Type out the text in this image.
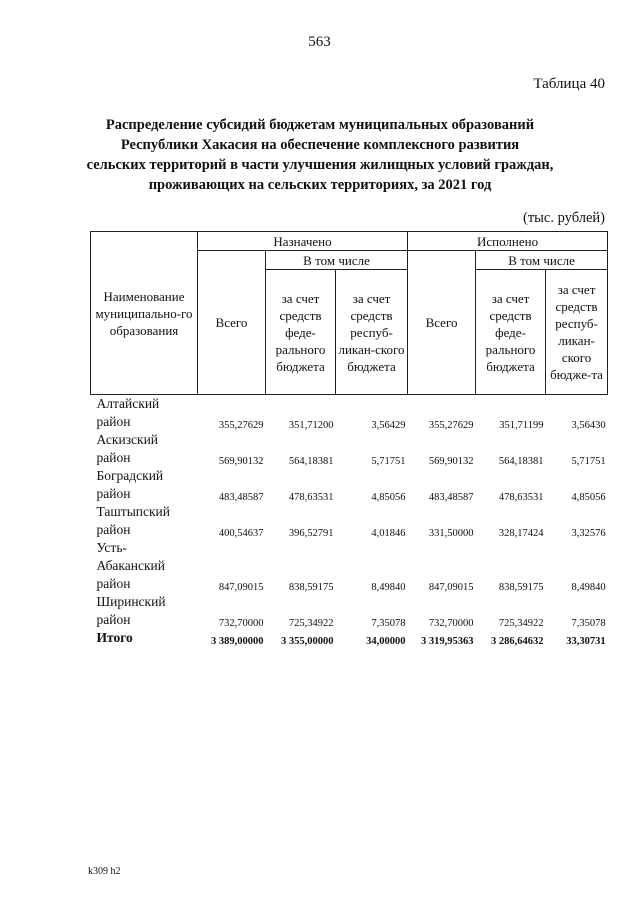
563
Таблица 40
Распределение субсидий бюджетам муниципальных образований
Республики Хакасия на обеспечение комплексного развития
сельских территорий в части улучшения жилищных условий граждан,
проживающих на сельских территориях, за 2021 год
(тыс. рублей)
Наименование муниципально-го образования	Назначено			Исполнено		
	Всего	В том числе		Всего	В том числе	
		за счет средств феде-рального бюджета	за счет средств респуб-ликан-ского бюджета		за счет средств феде-рального бюджета	за счет средств респуб-ликан-ского бюдже-та
Алтайский						
район	355,27629	351,71200	3,56429	355,27629	351,71199	3,56430
Аскизский						
район	569,90132	564,18381	5,71751	569,90132	564,18381	5,71751
Боградский						
район	483,48587	478,63531	4,85056	483,48587	478,63531	4,85056
Таштыпский						
район	400,54637	396,52791	4,01846	331,50000	328,17424	3,32576
Усть-						
Абаканский						
район	847,09015	838,59175	8,49840	847,09015	838,59175	8,49840
Ширинский						
район	732,70000	725,34922	7,35078	732,70000	725,34922	7,35078
Итого	3 389,00000	3 355,00000	34,00000	3 319,95363	3 286,64632	33,30731
k309 h2
